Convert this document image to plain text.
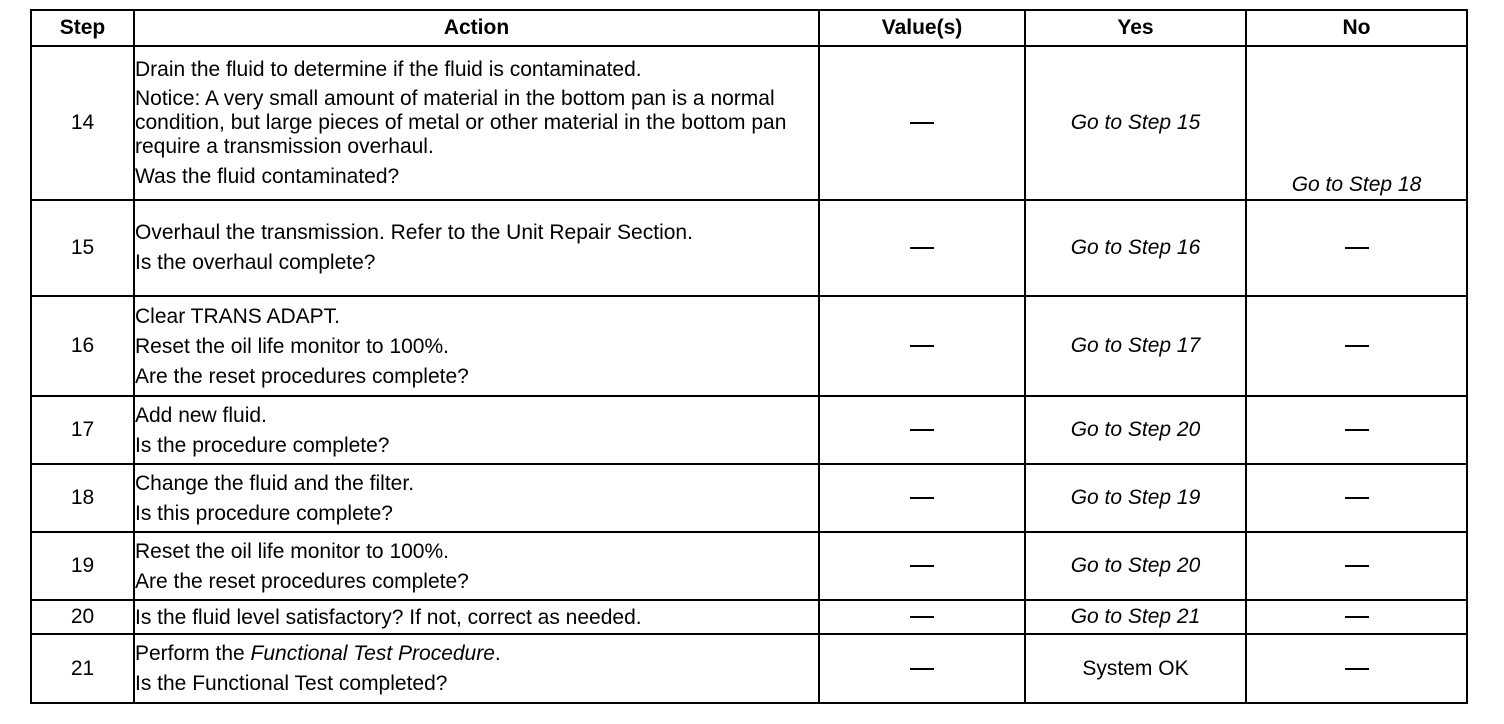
Step	Action	Value(s)	Yes	No
14	Drain the fluid to determine if the fluid is contaminated.

Notice: A very small amount of material in the bottom pan is a normal condition, but large pieces of metal or other material in the bottom pan require a transmission overhaul.

Was the fluid contaminated?		Go to Step 15	Go to Step 18
15	Overhaul the transmission. Refer to the Unit Repair Section.

Is the overhaul complete?		Go to Step 16	
16	Clear TRANS ADAPT.

Reset the oil life monitor to 100%.

Are the reset procedures complete?		Go to Step 17	
17	Add new fluid.

Is the procedure complete?		Go to Step 20	
18	Change the fluid and the filter.

Is this procedure complete?		Go to Step 19	
19	Reset the oil life monitor to 100%.

Are the reset procedures complete?		Go to Step 20	
20	Is the fluid level satisfactory? If not, correct as needed.		Go to Step 21	
21	Perform the Functional Test Procedure.

Is the Functional Test completed?		System OK	
